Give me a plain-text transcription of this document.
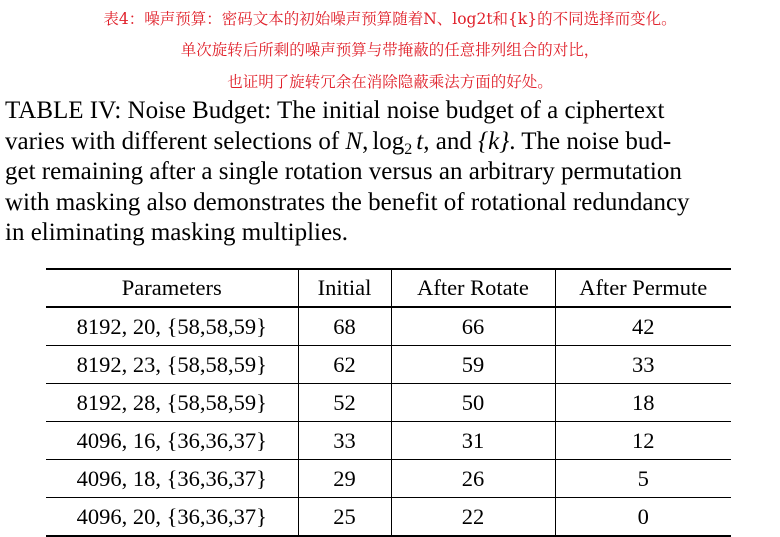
表4：噪声预算：密码文本的初始噪声预算随着N、log2t和{k}的不同选择而变化。
单次旋转后所剩的噪声预算与带掩蔽的任意排列组合的对比，
也证明了旋转冗余在消除隐蔽乘法方面的好处。
TABLE IV: Noise Budget: The initial noise budget of a ciphertext
varies with different selections of N, $\log_2 t$, and {k}. The noise bud-
get remaining after a single rotation versus an arbitrary permutation
with masking also demonstrates the benefit of rotational redundancy
in eliminating masking multiplies.
Parameters	Initial	After Rotate	After Permute
8192, 20, {58,58,59}	68	66	42
8192, 23, {58,58,59}	62	59	33
8192, 28, {58,58,59}	52	50	18
4096, 16, {36,36,37}	33	31	12
4096, 18, {36,36,37}	29	26	5
4096, 20, {36,36,37}	25	22	0
